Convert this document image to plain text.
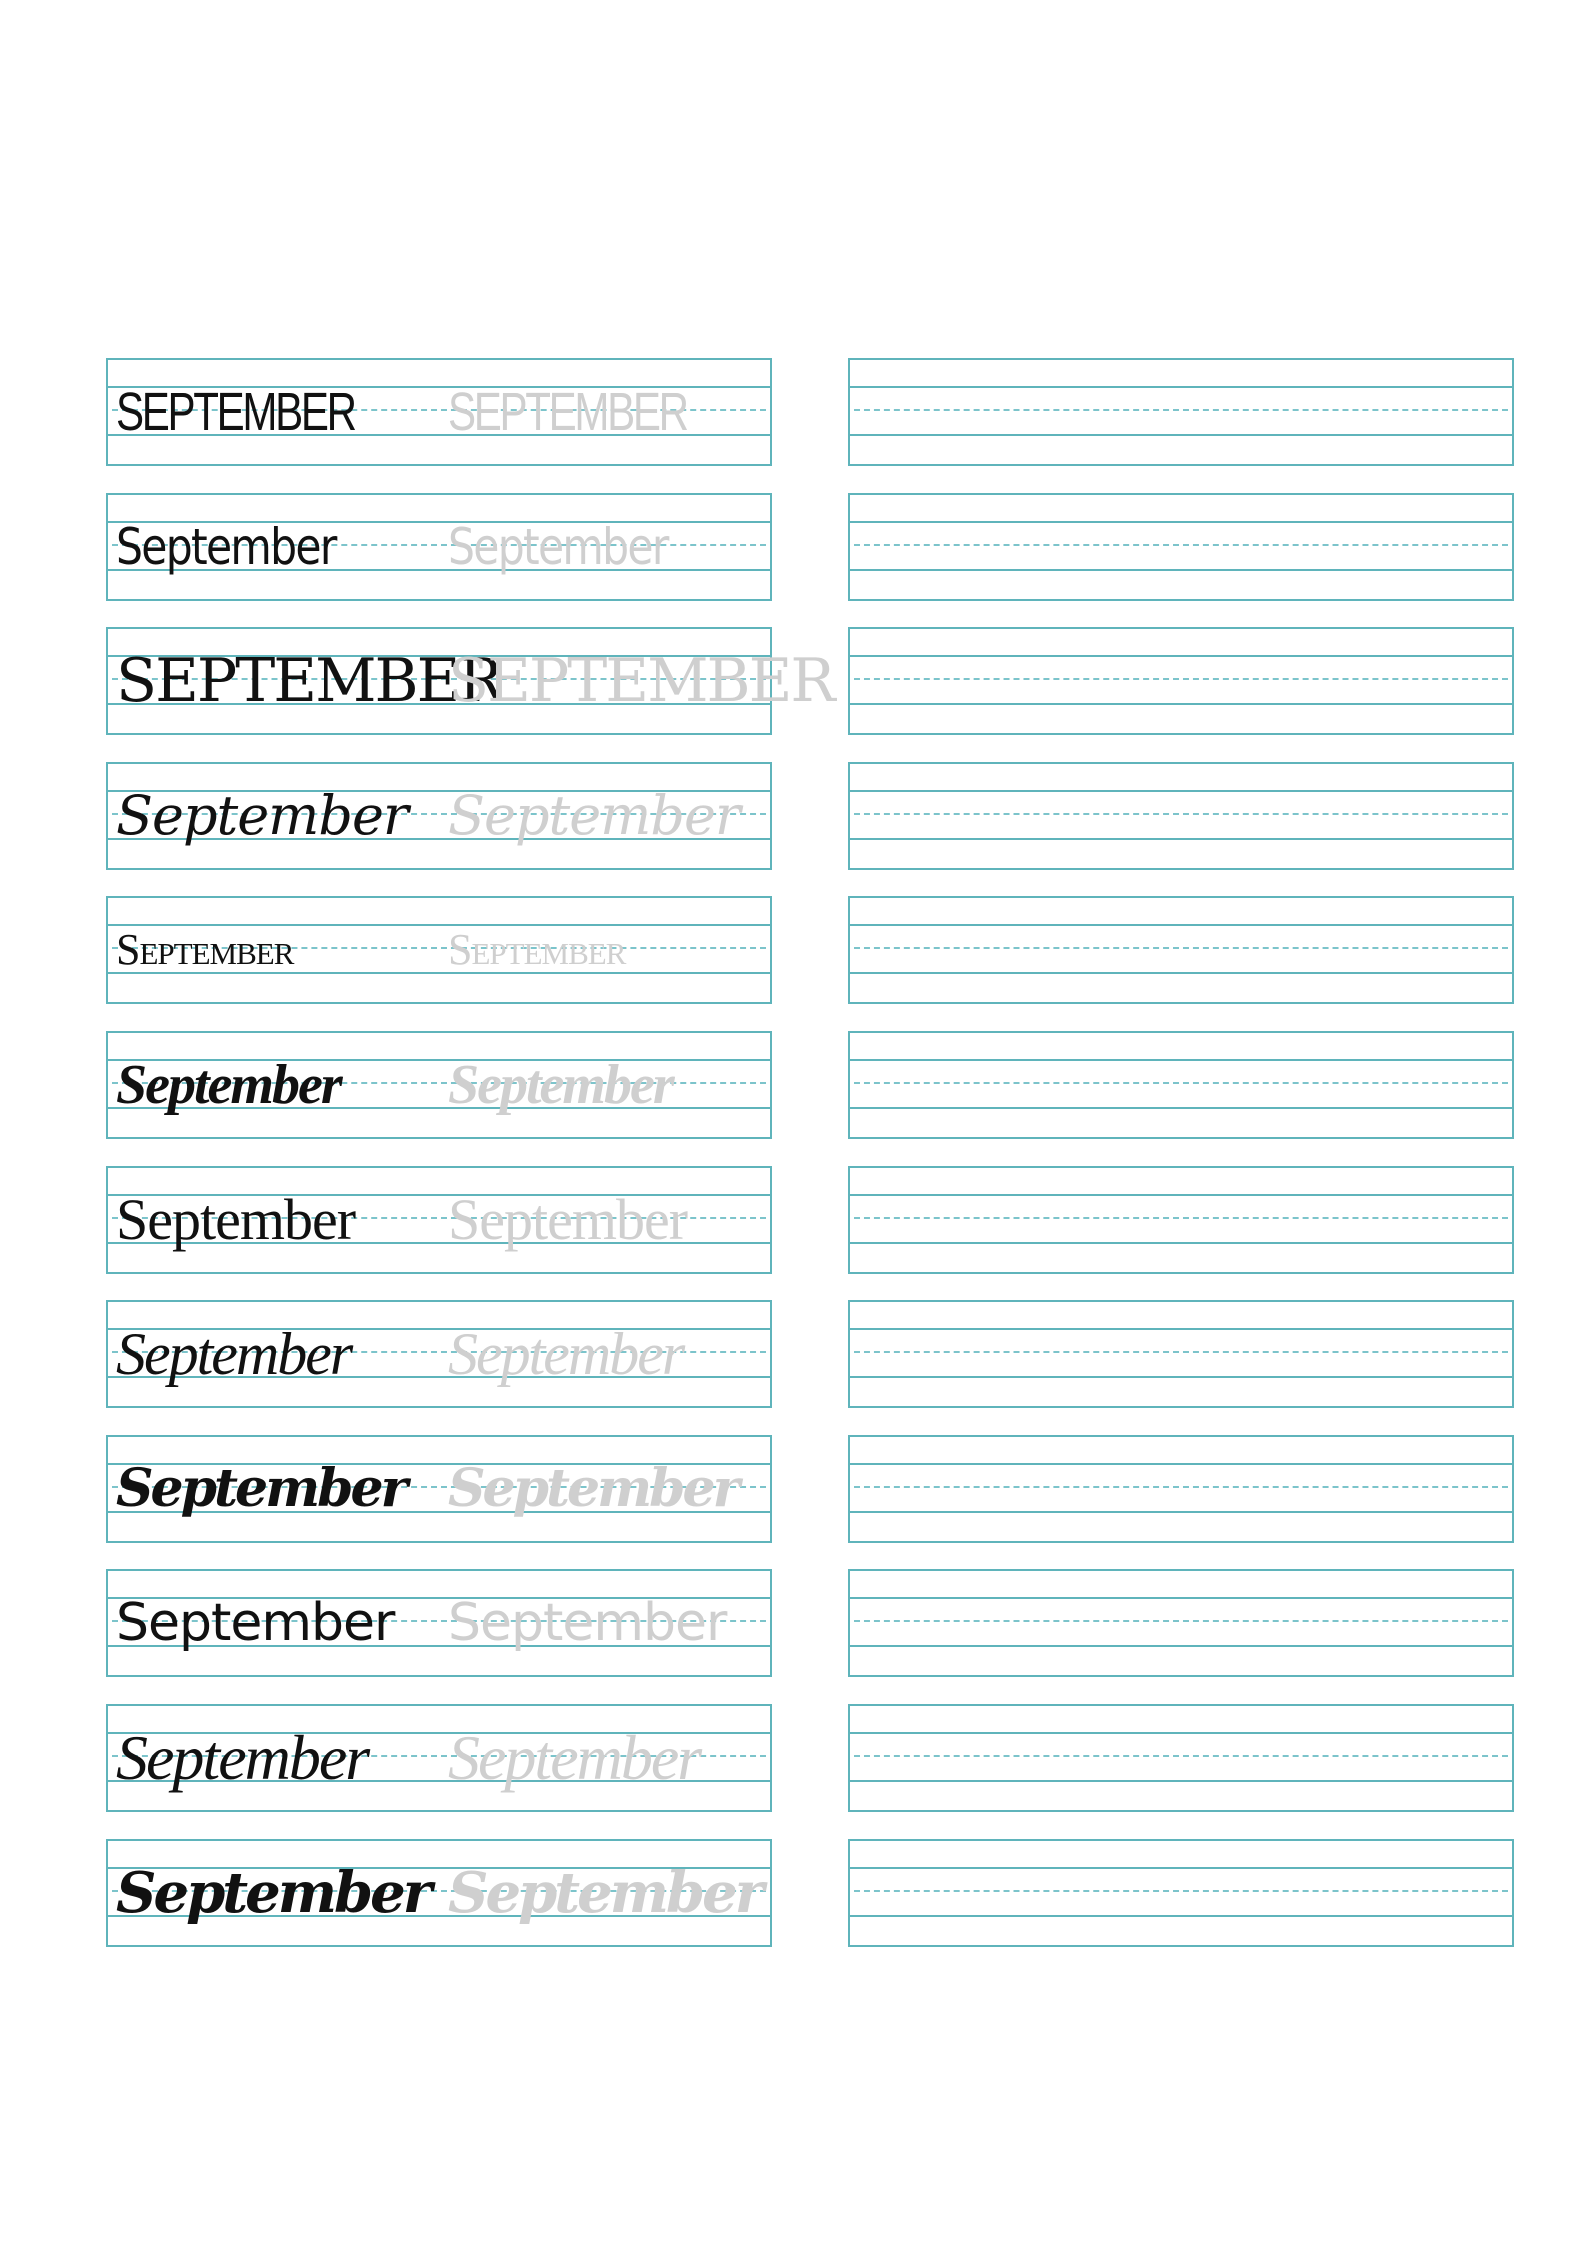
SEPTEMBER SEPTEMBER
September September
SEPTEMBER
SEPTEMBER
September September
September	September
September September
September September
September September
September September
September September
September September
September September
